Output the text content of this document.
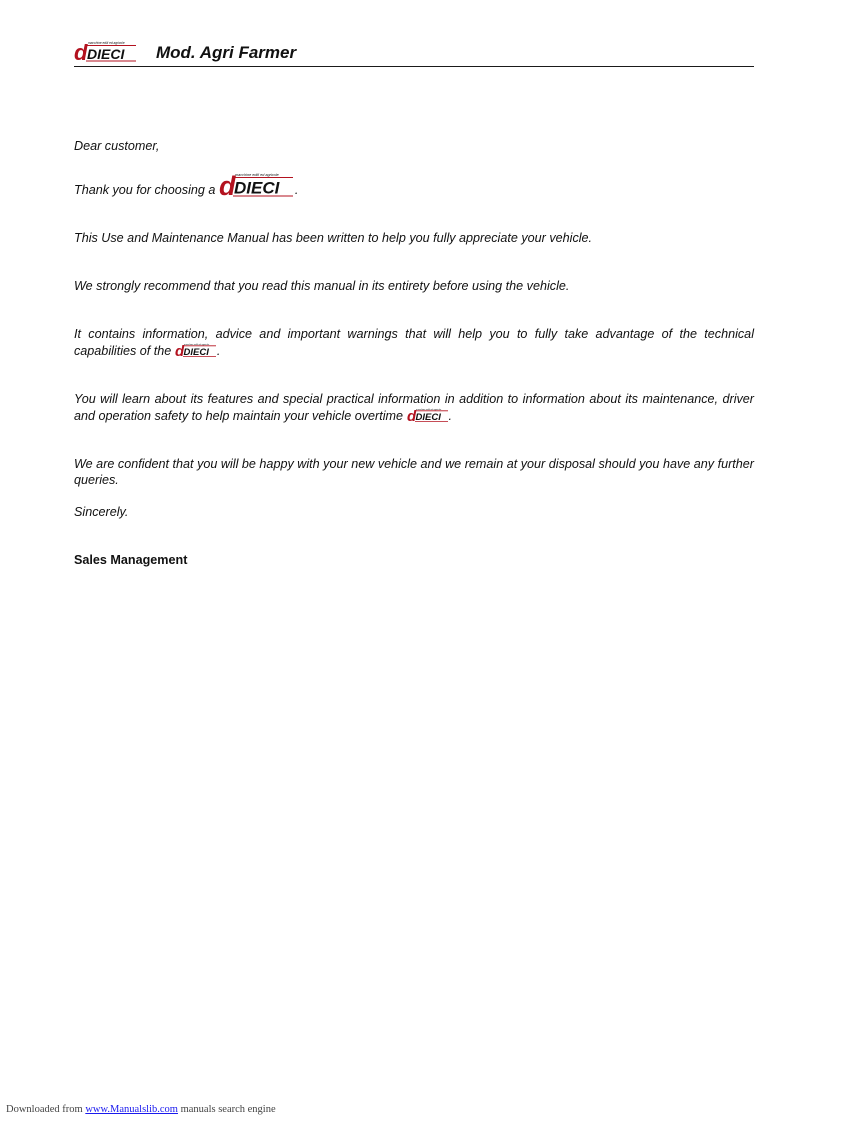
macchine edili ed agricole
d DIECI Mod. Agri Farmer

Dear customer,

Thank you for choosing a
macchine edili ed agricole
d
DIECI .

This Use and Maintenance Manual has been written to help you fully appreciate your vehicle.

We strongly recommend that you read this manual in its entirety before using the vehicle.

It contains information, advice and important warnings that will help you to fully take advantage of the technical capabilities of the	macchine edili ed agricole
d DIECI .

You will learn about its features and special practical information in addition to information about its maintenance, driver and operation safety to help maintain your vehicle overtime	macchine edili ed agricole
d DIECI .

We are confident that you will be happy with your new vehicle and we remain at your disposal should you have any further queries.

Sincerely.

Sales Management

Downloaded from www.Manualslib.com manuals search engine
